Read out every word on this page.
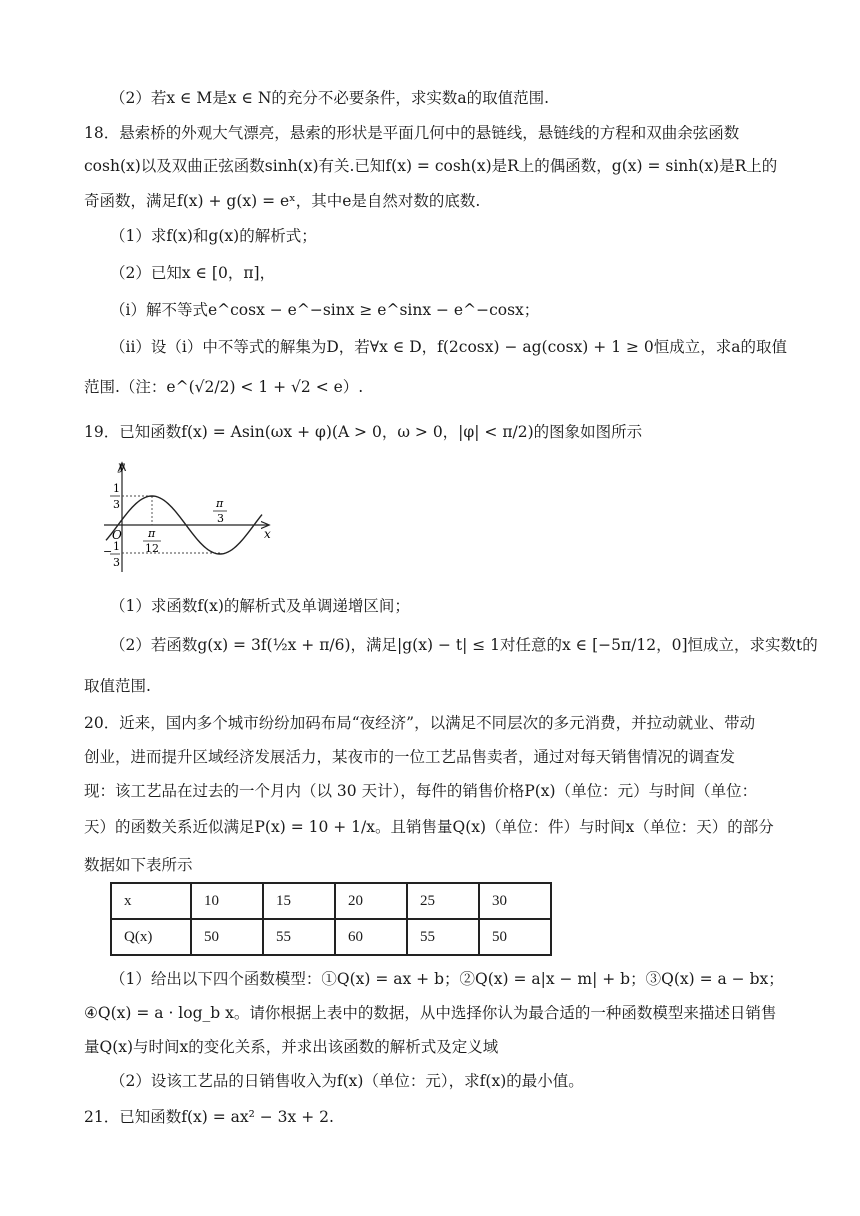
（2）若x ∈ M是x ∈ N的充分不必要条件，求实数a的取值范围.
18．悬索桥的外观大气漂亮，悬索的形状是平面几何中的悬链线，悬链线的方程和双曲余弦函数
cosh(x)以及双曲正弦函数sinh(x)有关.已知f(x) = cosh(x)是R上的偶函数，g(x) = sinh(x)是R上的
奇函数，满足f(x) + g(x) = eˣ，其中e是自然对数的底数.
（1）求f(x)和g(x)的解析式；
（2）已知x ∈ [0，π]，
（i）解不等式e^cosx − e^−sinx ≥ e^sinx − e^−cosx；
（ii）设（i）中不等式的解集为D，若∀x ∈ D，f(2cosx) − ag(cosx) + 1 ≥ 0恒成立，求a的取值
范围.（注：e^(√2/2) < 1 + √2 < e）.
19．已知函数f(x) = Asin(ωx + φ)(A > 0，ω > 0，|φ| < π/2)的图象如图所示
y
x
O
1
3
− 1
3
π
12
π
3
（1）求函数f(x)的解析式及单调递增区间；
（2）若函数g(x) = 3f(½x + π/6)，满足|g(x) − t| ≤ 1对任意的x ∈ [−5π/12，0]恒成立，求实数t的
取值范围.
20．近来，国内多个城市纷纷加码布局“夜经济”，以满足不同层次的多元消费，并拉动就业、带动
创业，进而提升区域经济发展活力，某夜市的一位工艺品售卖者，通过对每天销售情况的调查发
现：该工艺品在过去的一个月内（以 30 天计），每件的销售价格P(x)（单位：元）与时间（单位：
天）的函数关系近似满足P(x) = 10 + 1/x。且销售量Q(x)（单位：件）与时间x（单位：天）的部分
数据如下表所示
x	10	15	20	25	30
Q(x)	50	55	60	55	50
（1）给出以下四个函数模型：①Q(x) = ax + b；②Q(x) = a|x − m| + b；③Q(x) = a − bx；
④Q(x) = a · log_b x。请你根据上表中的数据，从中选择你认为最合适的一种函数模型来描述日销售
量Q(x)与时间x的变化关系，并求出该函数的解析式及定义域
（2）设该工艺品的日销售收入为f(x)（单位：元），求f(x)的最小值。
21．已知函数f(x) = ax² − 3x + 2.
